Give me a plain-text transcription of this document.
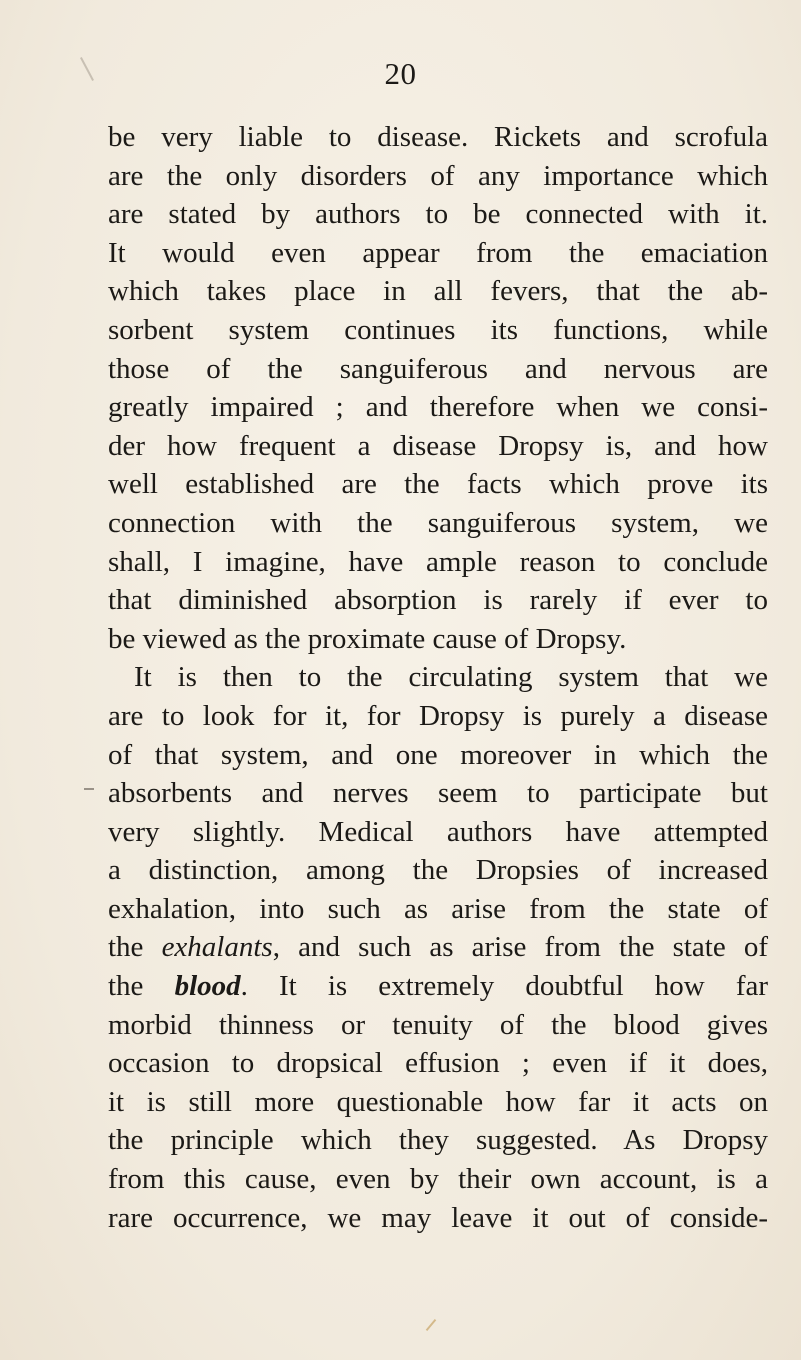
20
be very liable to disease. Rickets and scrofula
are the only disorders of any importance which
are stated by authors to be connected with it.
It would even appear from the emaciation
which takes place in all fevers, that the ab-
sorbent system continues its functions, while
those of the sanguiferous and nervous are
greatly impaired ; and therefore when we consi-
der how frequent a disease Dropsy is, and how
well established are the facts which prove its
connection with the sanguiferous system, we
shall, I imagine, have ample reason to conclude
that diminished absorption is rarely if ever to
be viewed as the proximate cause of Dropsy.
It is then to the circulating system that we
are to look for it, for Dropsy is purely a disease
of that system, and one moreover in which the
absorbents and nerves seem to participate but
very slightly. Medical authors have attempted
a distinction, among the Dropsies of increased
exhalation, into such as arise from the state of
the exhalants, and such as arise from the state of
the blood. It is extremely doubtful how far
morbid thinness or tenuity of the blood gives
occasion to dropsical effusion ; even if it does,
it is still more questionable how far it acts on
the principle which they suggested. As Dropsy
from this cause, even by their own account, is a
rare occurrence, we may leave it out of conside-
